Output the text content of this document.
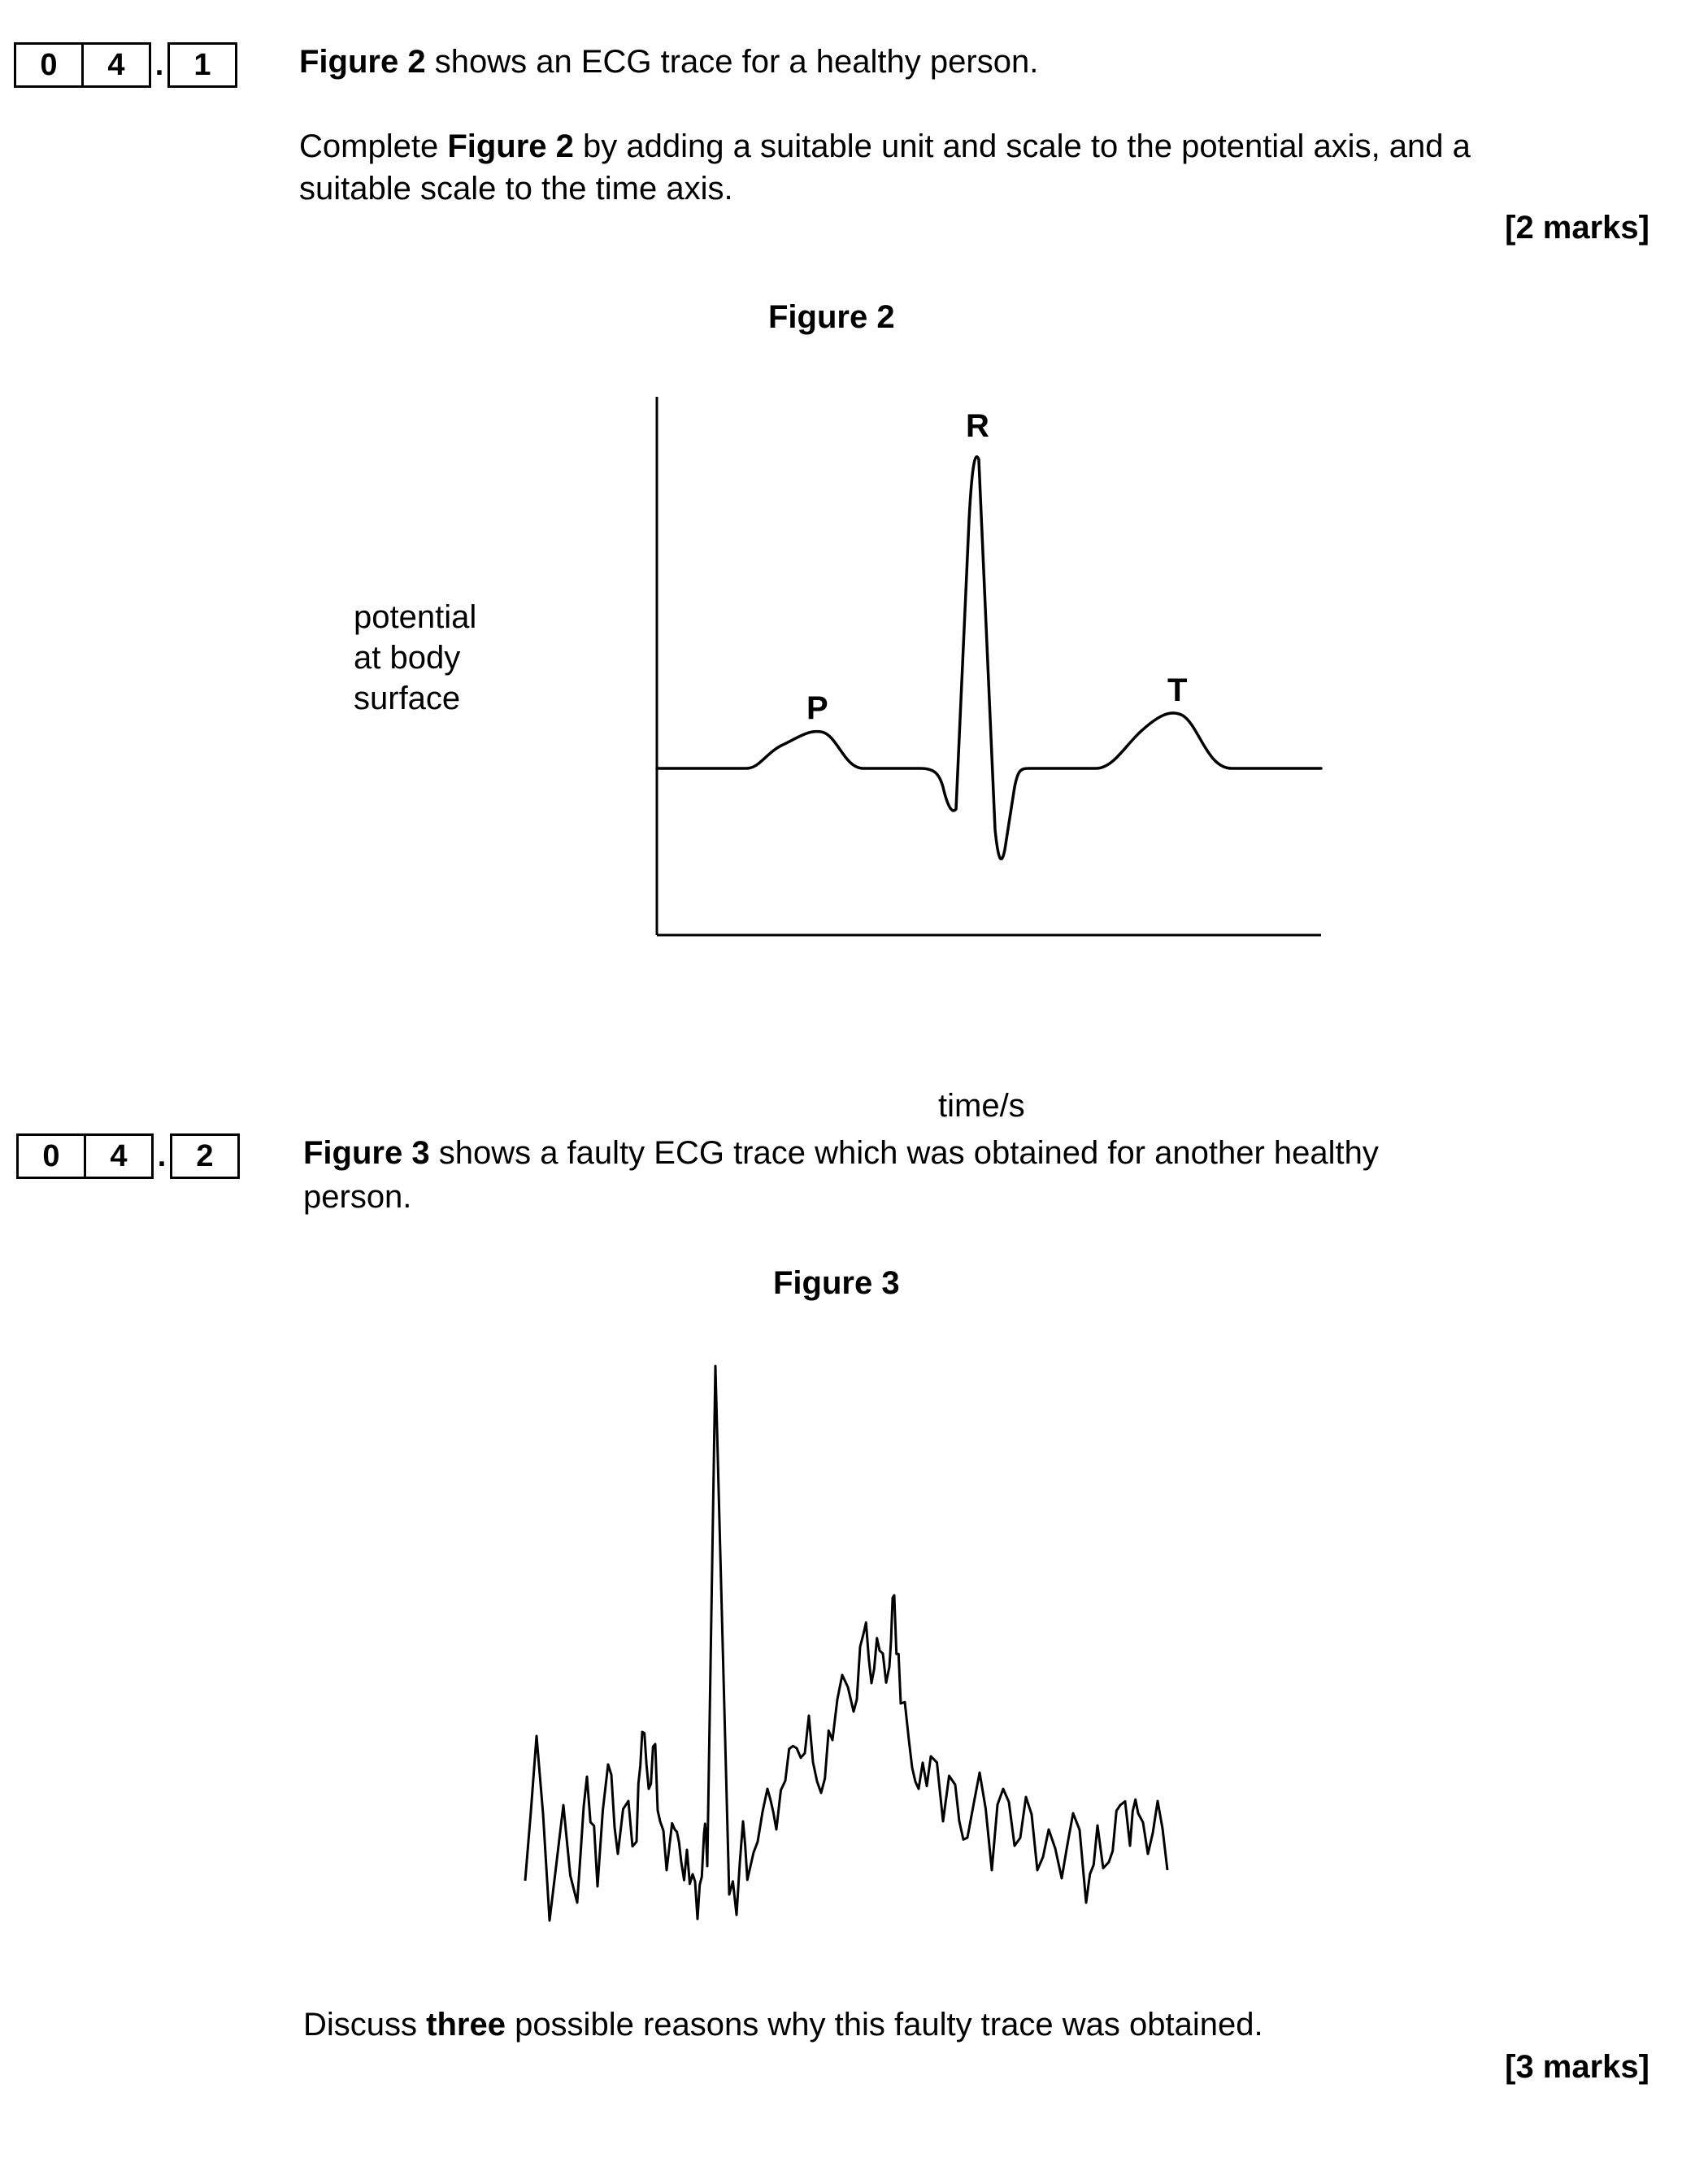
0	4 . 1	Figure 2 shows an ECG trace for a healthy person.
Complete Figure 2 by adding a suitable unit and scale to the potential axis, and a
suitable scale to the time axis.
[2 marks]
Figure 2
potential
at body
surface
R
P	T
time/s
0	4 . 2	Figure 3 shows a faulty ECG trace which was obtained for another healthy
person.
Figure 3
Discuss three possible reasons why this faulty trace was obtained.
[3 marks]
